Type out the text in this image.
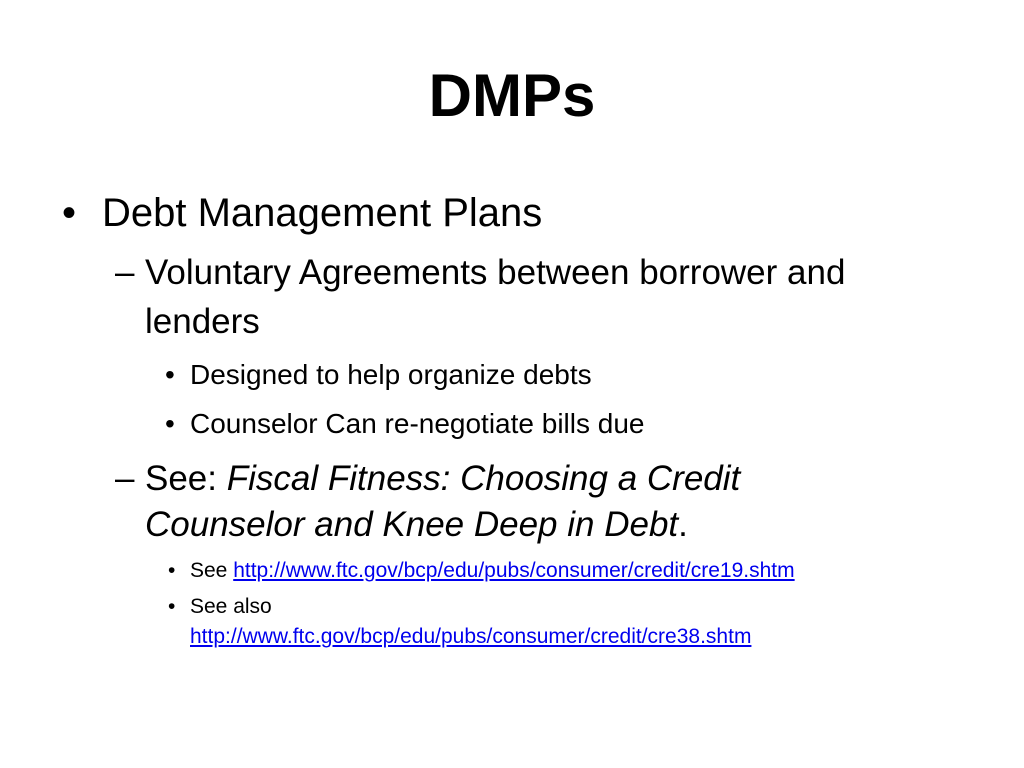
DMPs
• Debt Management Plans
– Voluntary Agreements between borrower and
lenders
• Designed to help organize debts
• Counselor Can re-negotiate bills due
– See: Fiscal Fitness: Choosing a Credit
Counselor and Knee Deep in Debt.
• See http://www.ftc.gov/bcp/edu/pubs/consumer/credit/cre19.shtm
• See also
http://www.ftc.gov/bcp/edu/pubs/consumer/credit/cre38.shtm
